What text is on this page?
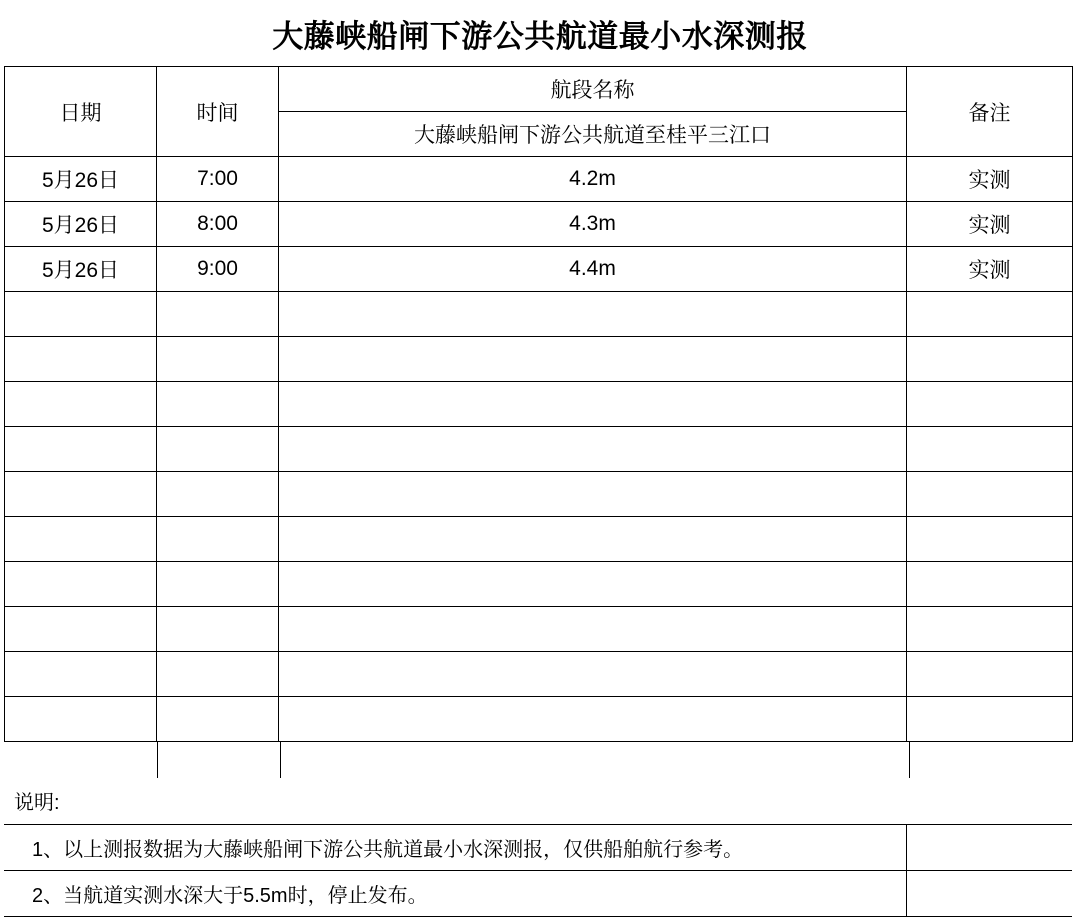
大藤峡船闸下游公共航道最小水深测报
日期	时间	航段名称	备注
		大藤峡船闸下游公共航道至桂平三江口	
5月26日	7:00	4.2m	实测
5月26日	8:00	4.3m	实测
5月26日	9:00	4.4m	实测

说明:	
1、以上测报数据为大藤峡船闸下游公共航道最小水深测报，仅供船舶航行参考。	
2、当航道实测水深大于5.5m时，停止发布。	
